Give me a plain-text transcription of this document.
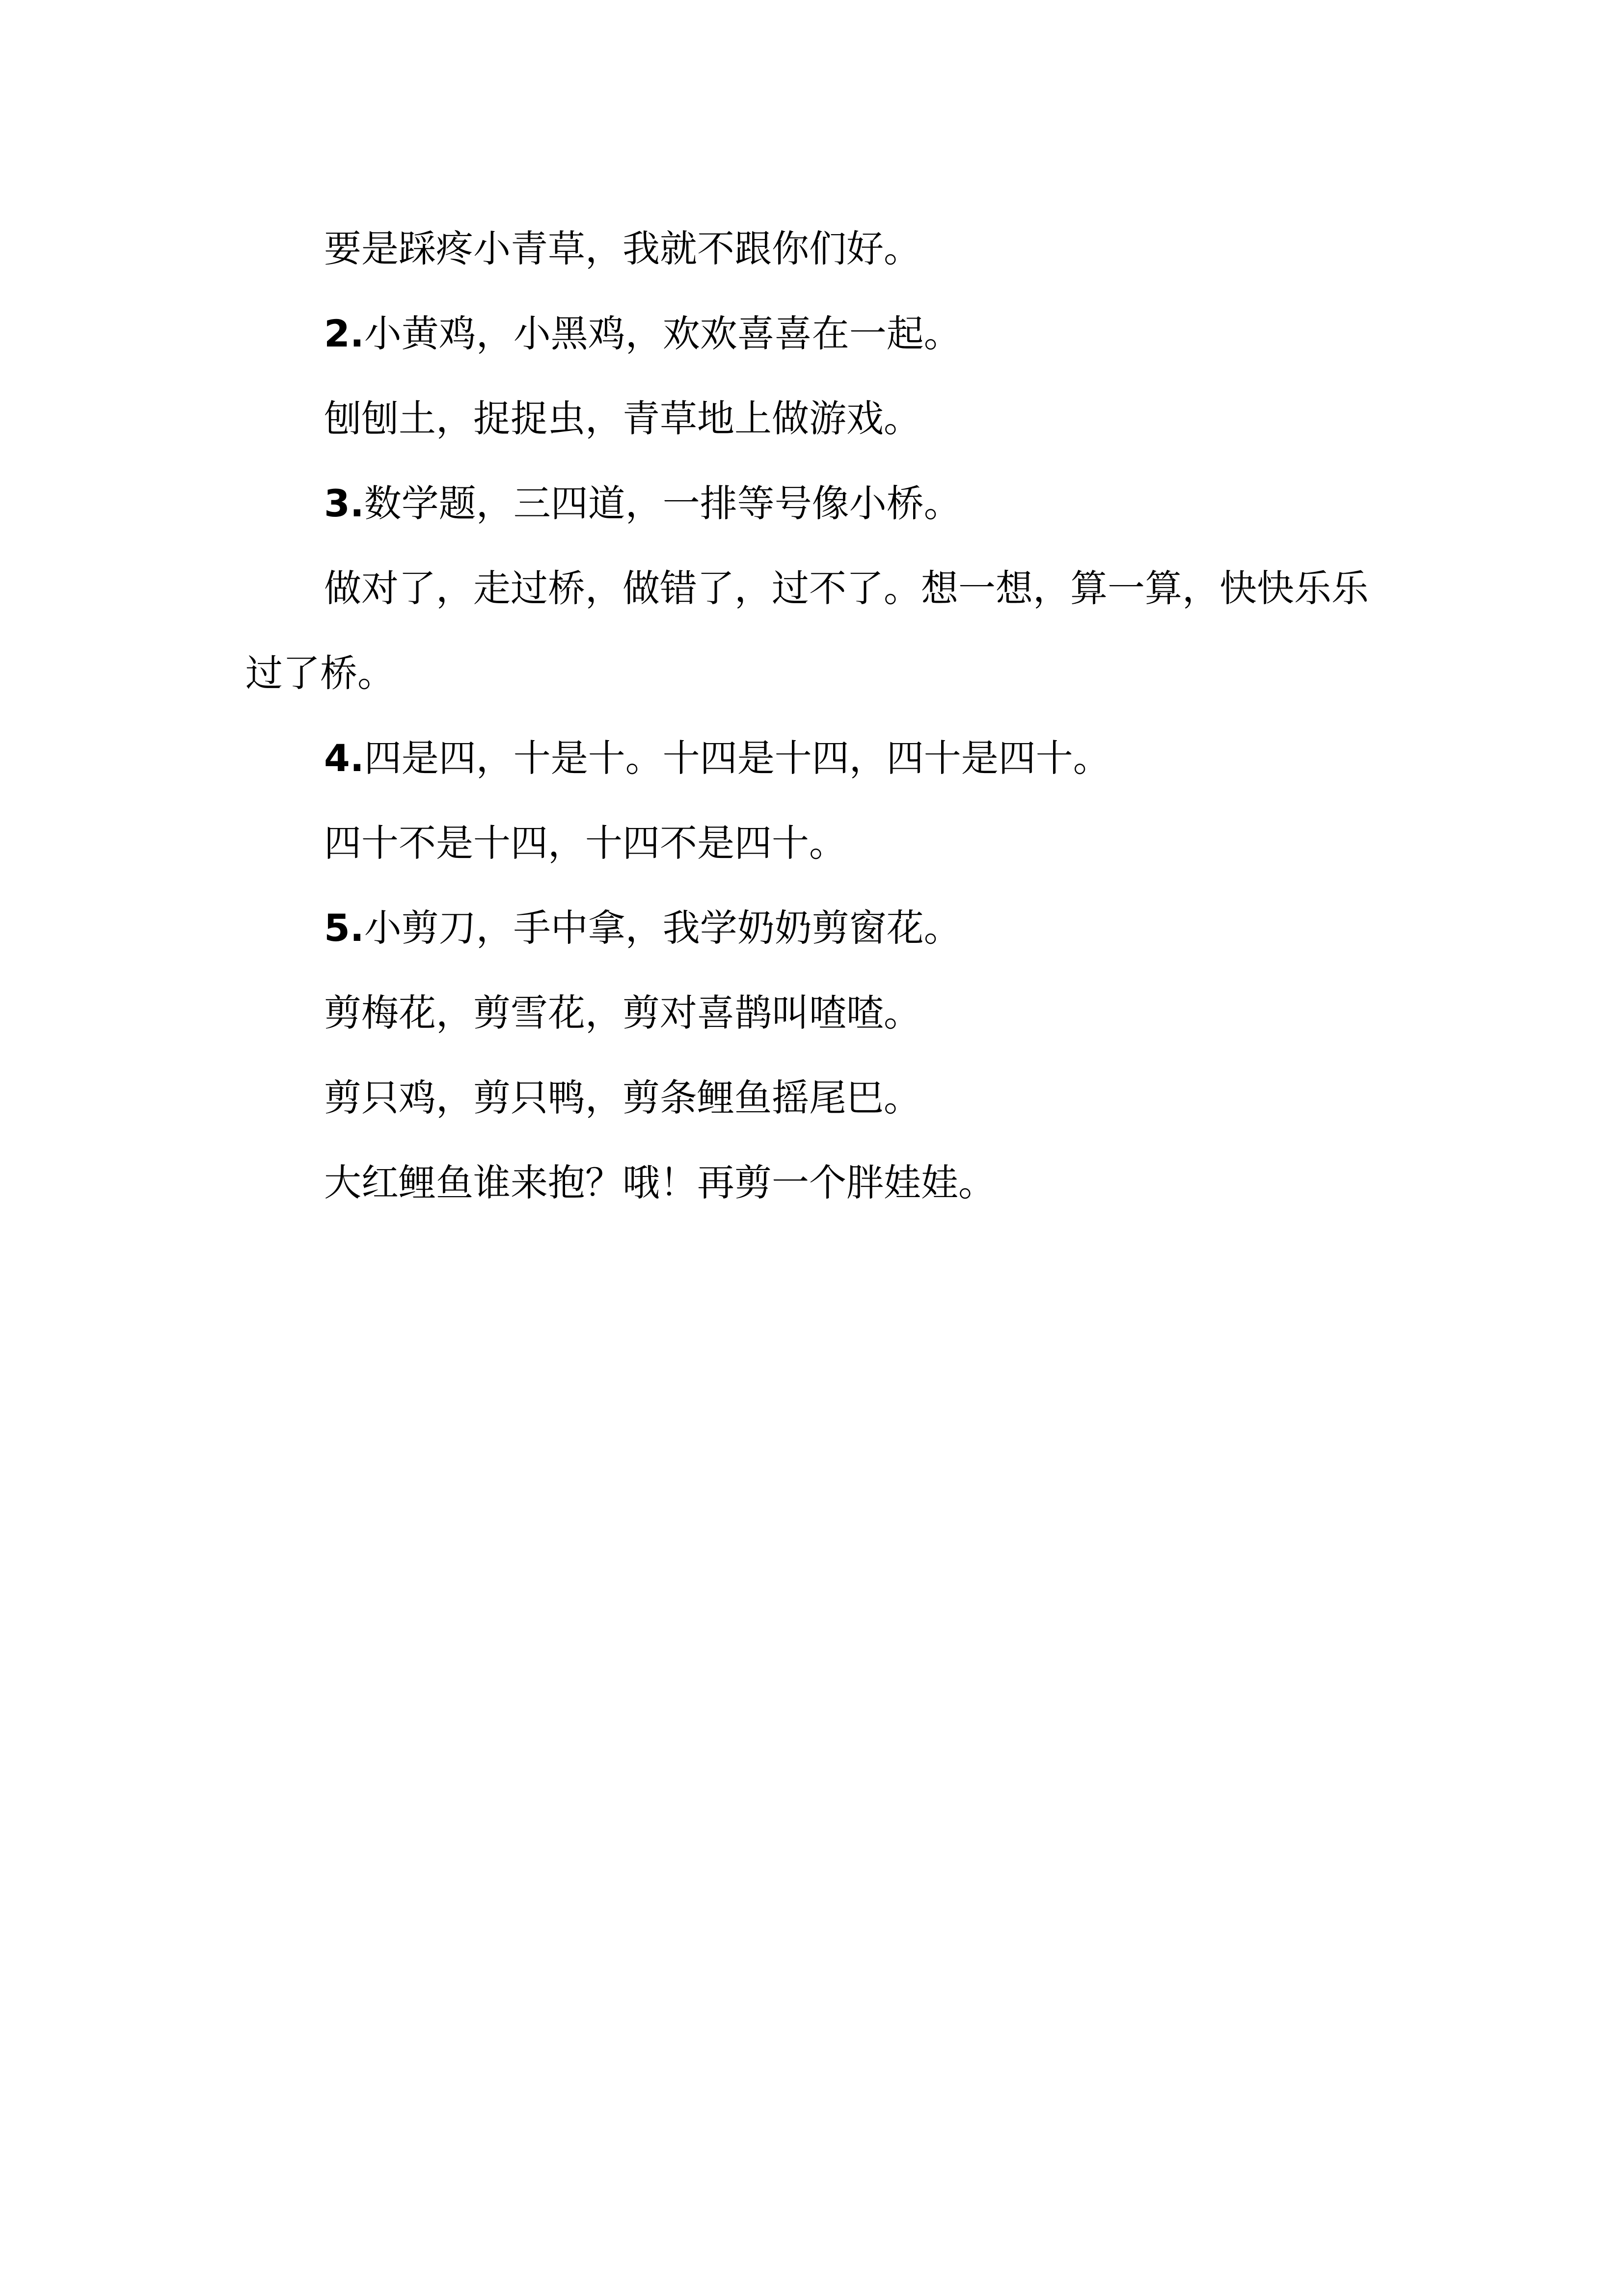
要是踩疼小青草，我就不跟你们好。

2.小黄鸡，小黑鸡，欢欢喜喜在一起。

刨刨土，捉捉虫，青草地上做游戏。

3.数学题，三四道，一排等号像小桥。

做对了，走过桥，做错了，过不了。想一想，算一算，快快乐乐过了桥。

4.四是四，十是十。十四是十四，四十是四十。

四十不是十四，十四不是四十。

5.小剪刀，手中拿，我学奶奶剪窗花。

剪梅花，剪雪花，剪对喜鹊叫喳喳。

剪只鸡，剪只鸭，剪条鲤鱼摇尾巴。

大红鲤鱼谁来抱？哦！再剪一个胖娃娃。
